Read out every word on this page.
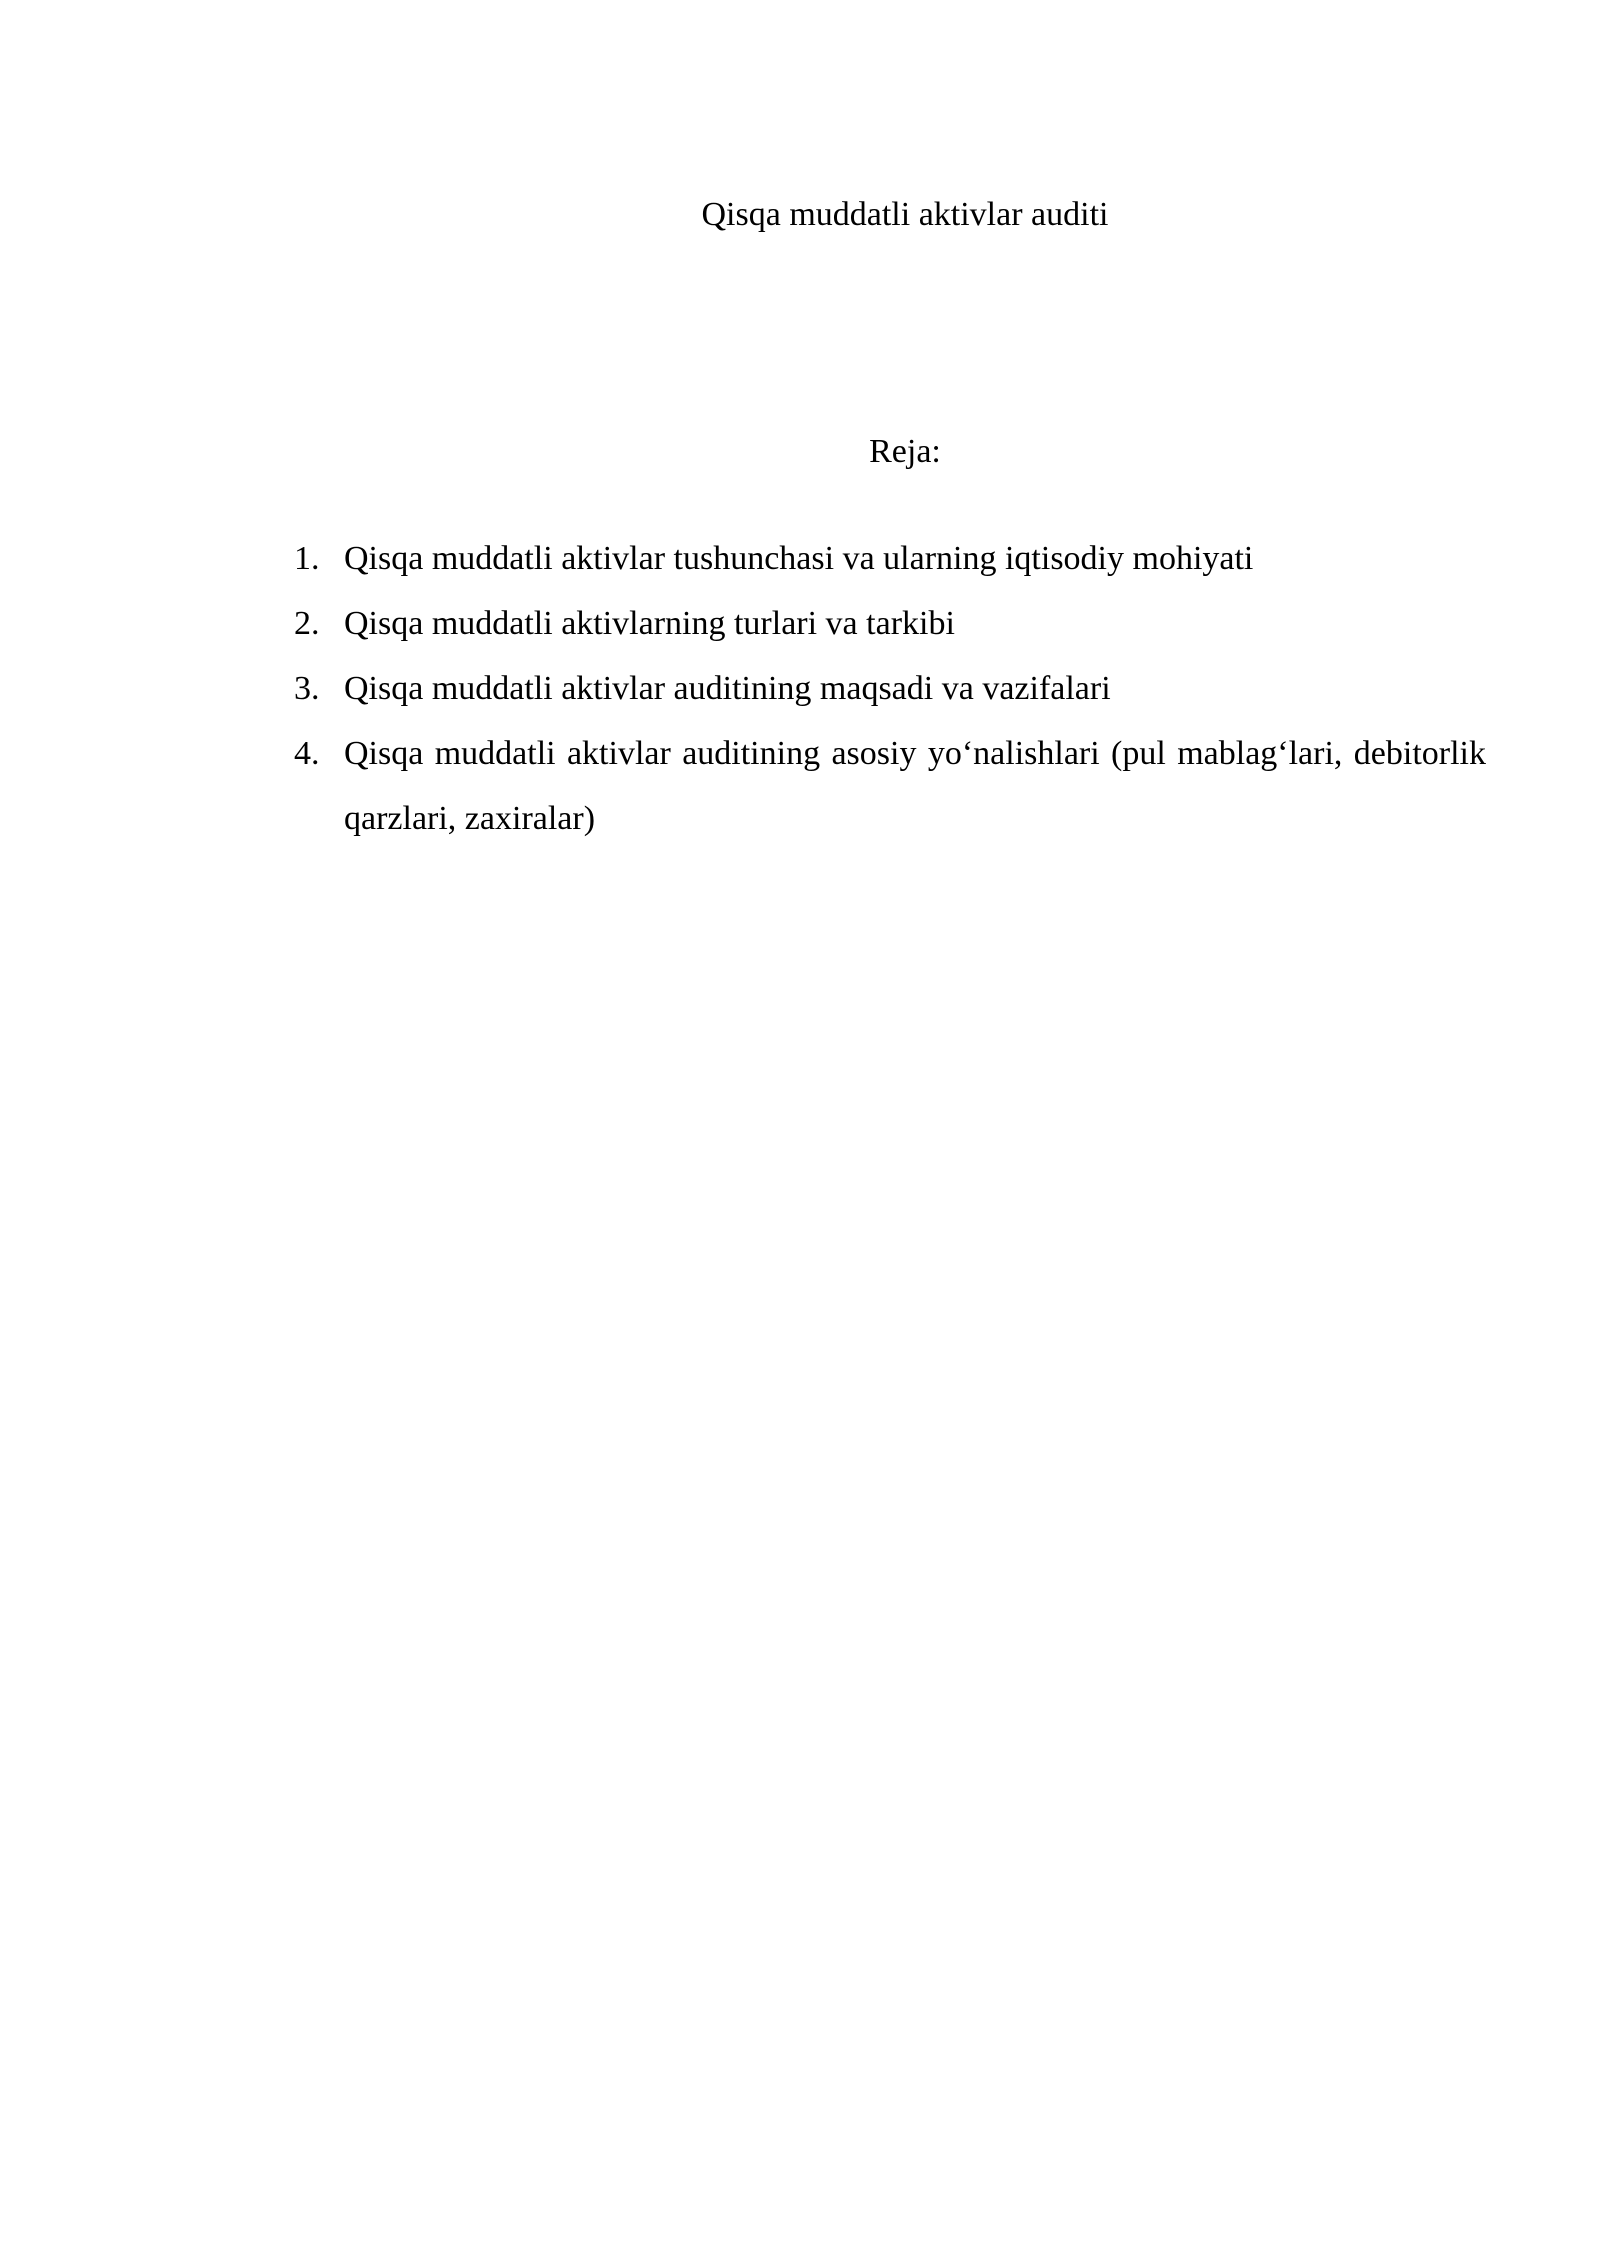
Qisqa muddatli aktivlar auditi
Reja:
1. Qisqa muddatli aktivlar tushunchasi va ularning iqtisodiy mohiyati
2. Qisqa muddatli aktivlarning turlari va tarkibi
3. Qisqa muddatli aktivlar auditining maqsadi va vazifalari
4. Qisqa muddatli aktivlar auditining asosiy yo‘nalishlari (pul mablag‘lari, debitorlik qarzlari, zaxiralar)
